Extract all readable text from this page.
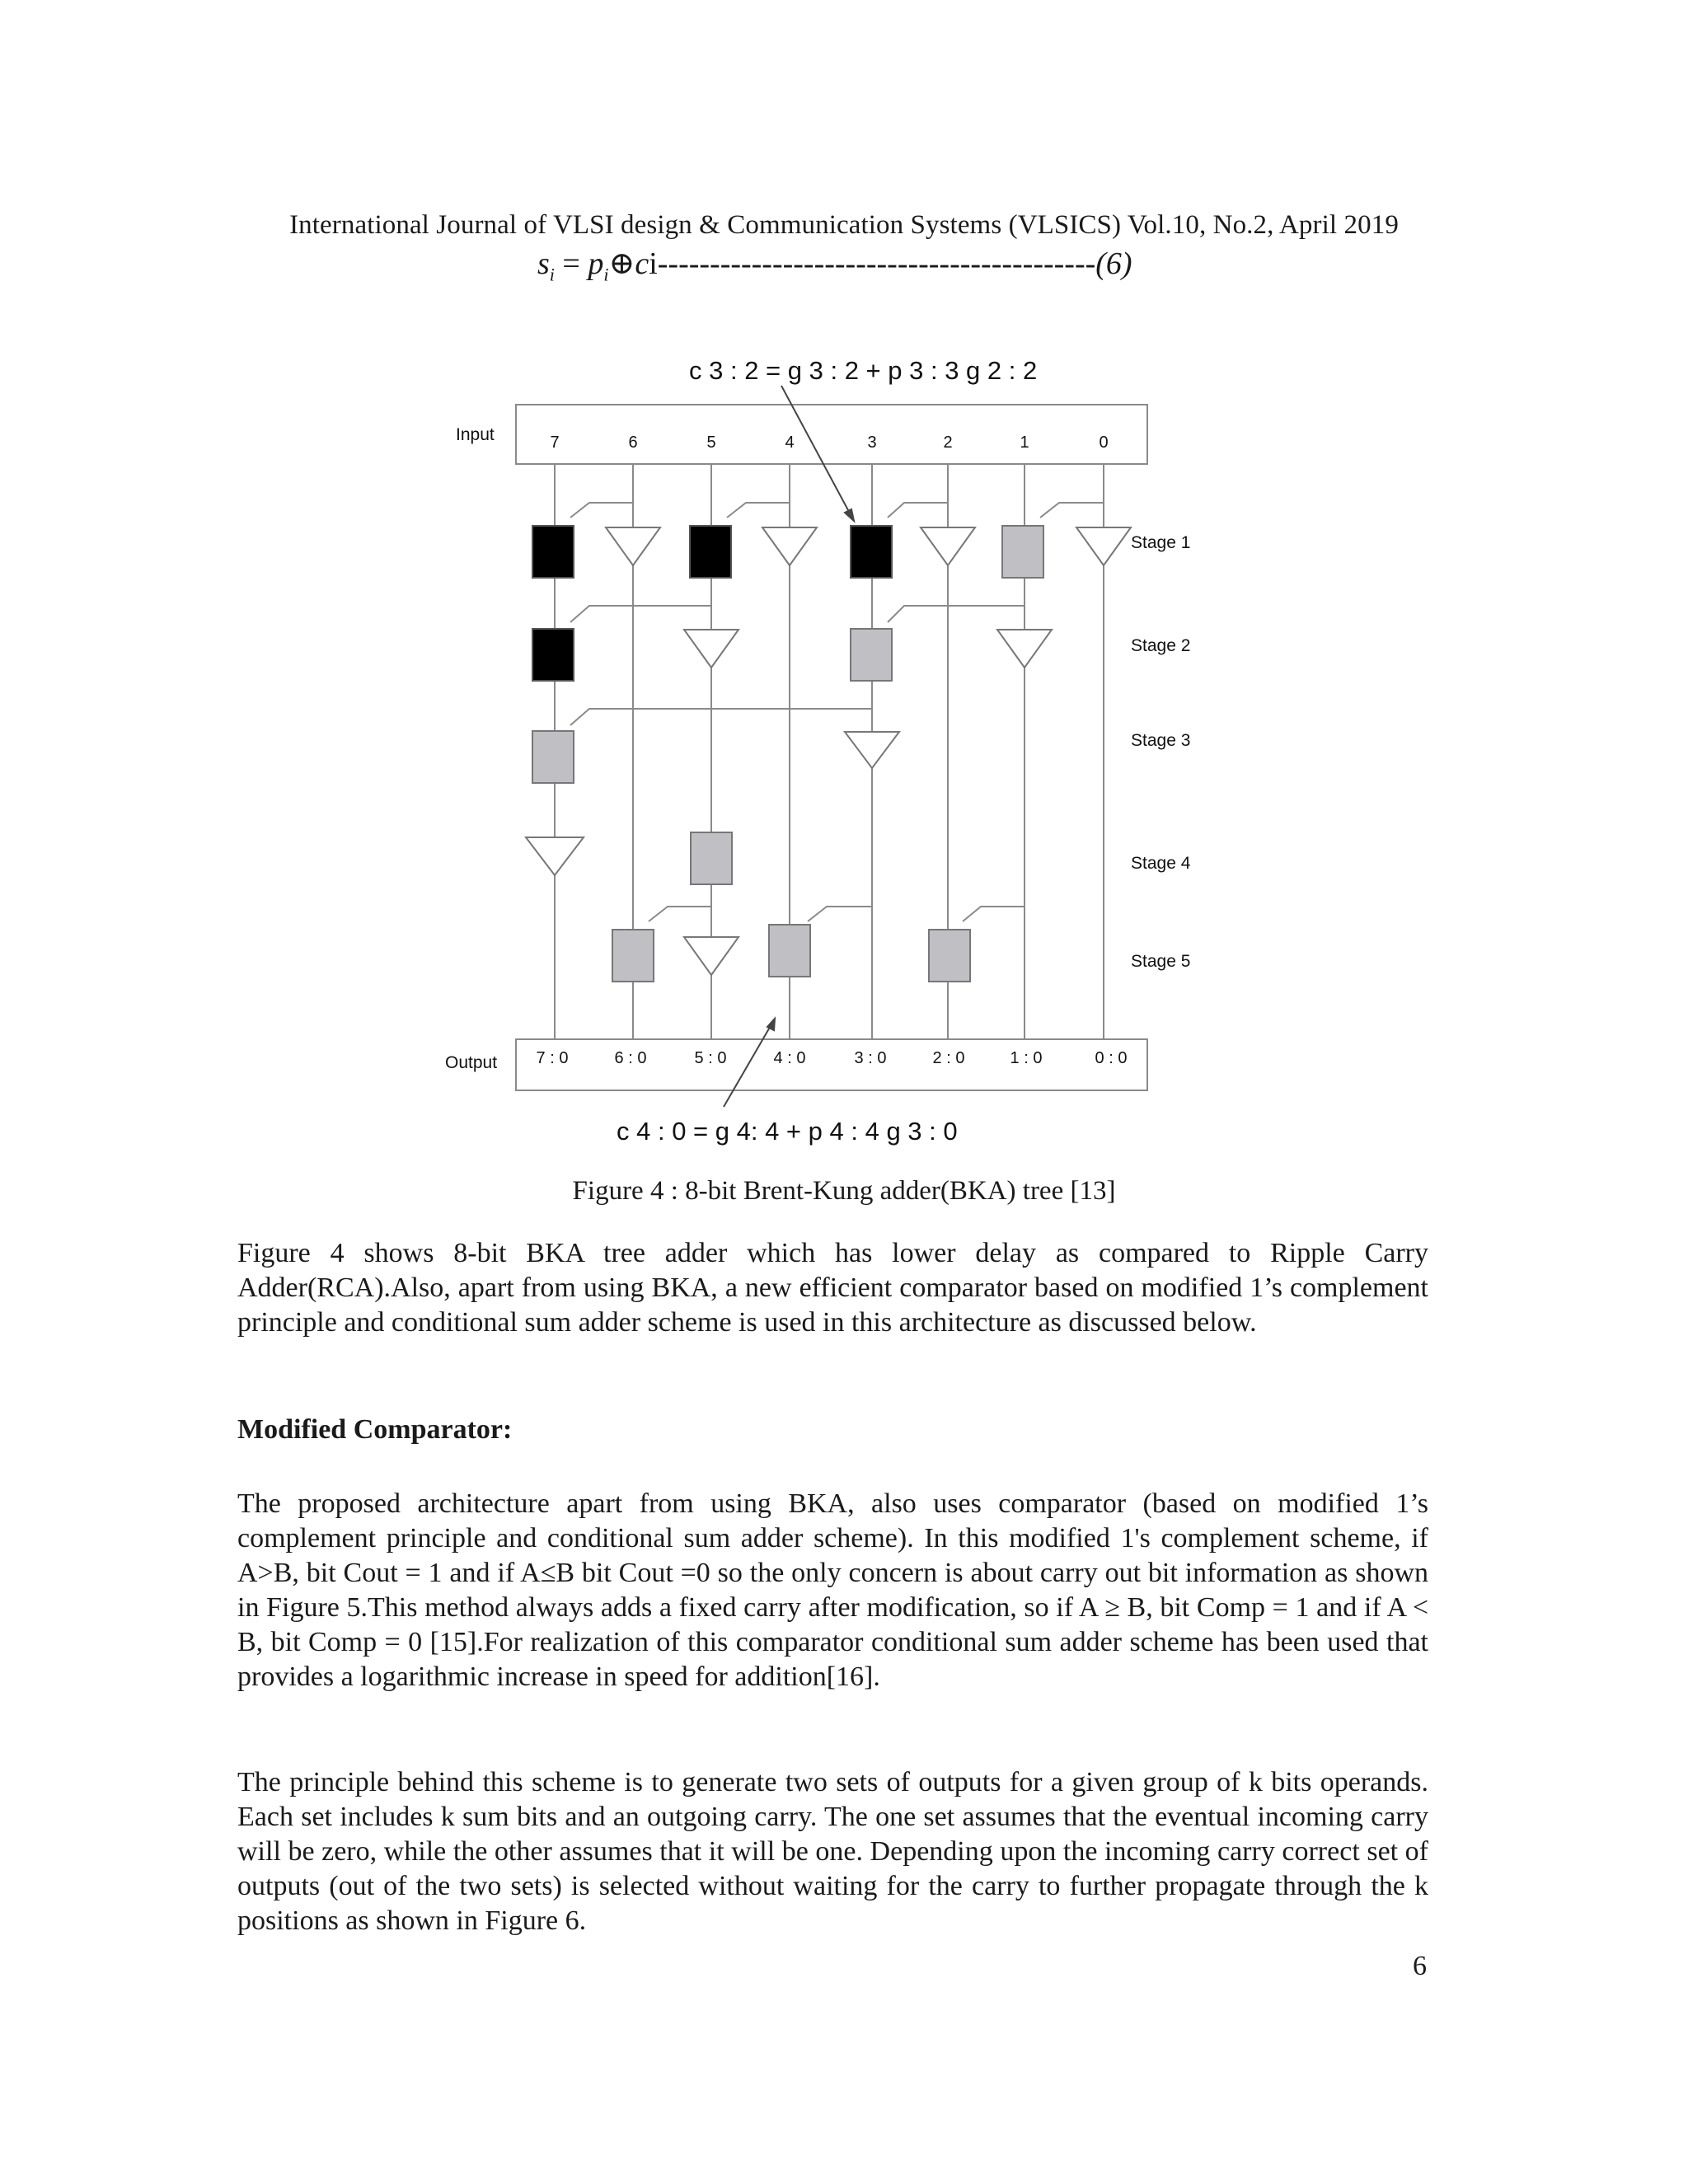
International Journal of VLSI design & Communication Systems (VLSICS) Vol.10, No.2, April 2019
$s_i$ = $p_i\oplus ci------------------------------------------(6)$
c 3 : 2 = g 3 : 2 + p 3 : 3 g 2 : 2
Input
Output
7	6	5	4	3	2	1	0
7 : 0	6 : 0	5 : 0	4 : 0	3 : 0	2 : 0	1 : 0	0 : 0
Stage 1
Stage 2
Stage 3
Stage 4
Stage 5
c 4 : 0 = g 4: 4 + p 4 : 4 g 3 : 0
Figure 4 : 8-bit Brent-Kung adder(BKA) tree [13]

Figure 4 shows 8-bit BKA tree adder which has lower delay as compared to Ripple Carry Adder(RCA).Also, apart from using BKA, a new efficient comparator based on modified 1’s complement principle and conditional sum adder scheme is used in this architecture as discussed below.

Modified Comparator:

The proposed architecture apart from using BKA, also uses comparator (based on modified 1’s complement principle and conditional sum adder scheme). In this modified 1's complement scheme, if A>B, bit Cout = 1 and if A≤B bit Cout =0 so the only concern is about carry out bit information as shown in Figure 5.This method always adds a fixed carry after modification, so if A ≥ B, bit Comp = 1 and if A < B, bit Comp = 0 [15].For realization of this comparator conditional sum adder scheme has been used that provides a logarithmic increase in speed for addition[16].

The principle behind this scheme is to generate two sets of outputs for a given group of k bits operands. Each set includes k sum bits and an outgoing carry. The one set assumes that the eventual incoming carry will be zero, while the other assumes that it will be one. Depending upon the incoming carry correct set of outputs (out of the two sets) is selected without waiting for the carry to further propagate through the k positions as shown in Figure 6.

6
